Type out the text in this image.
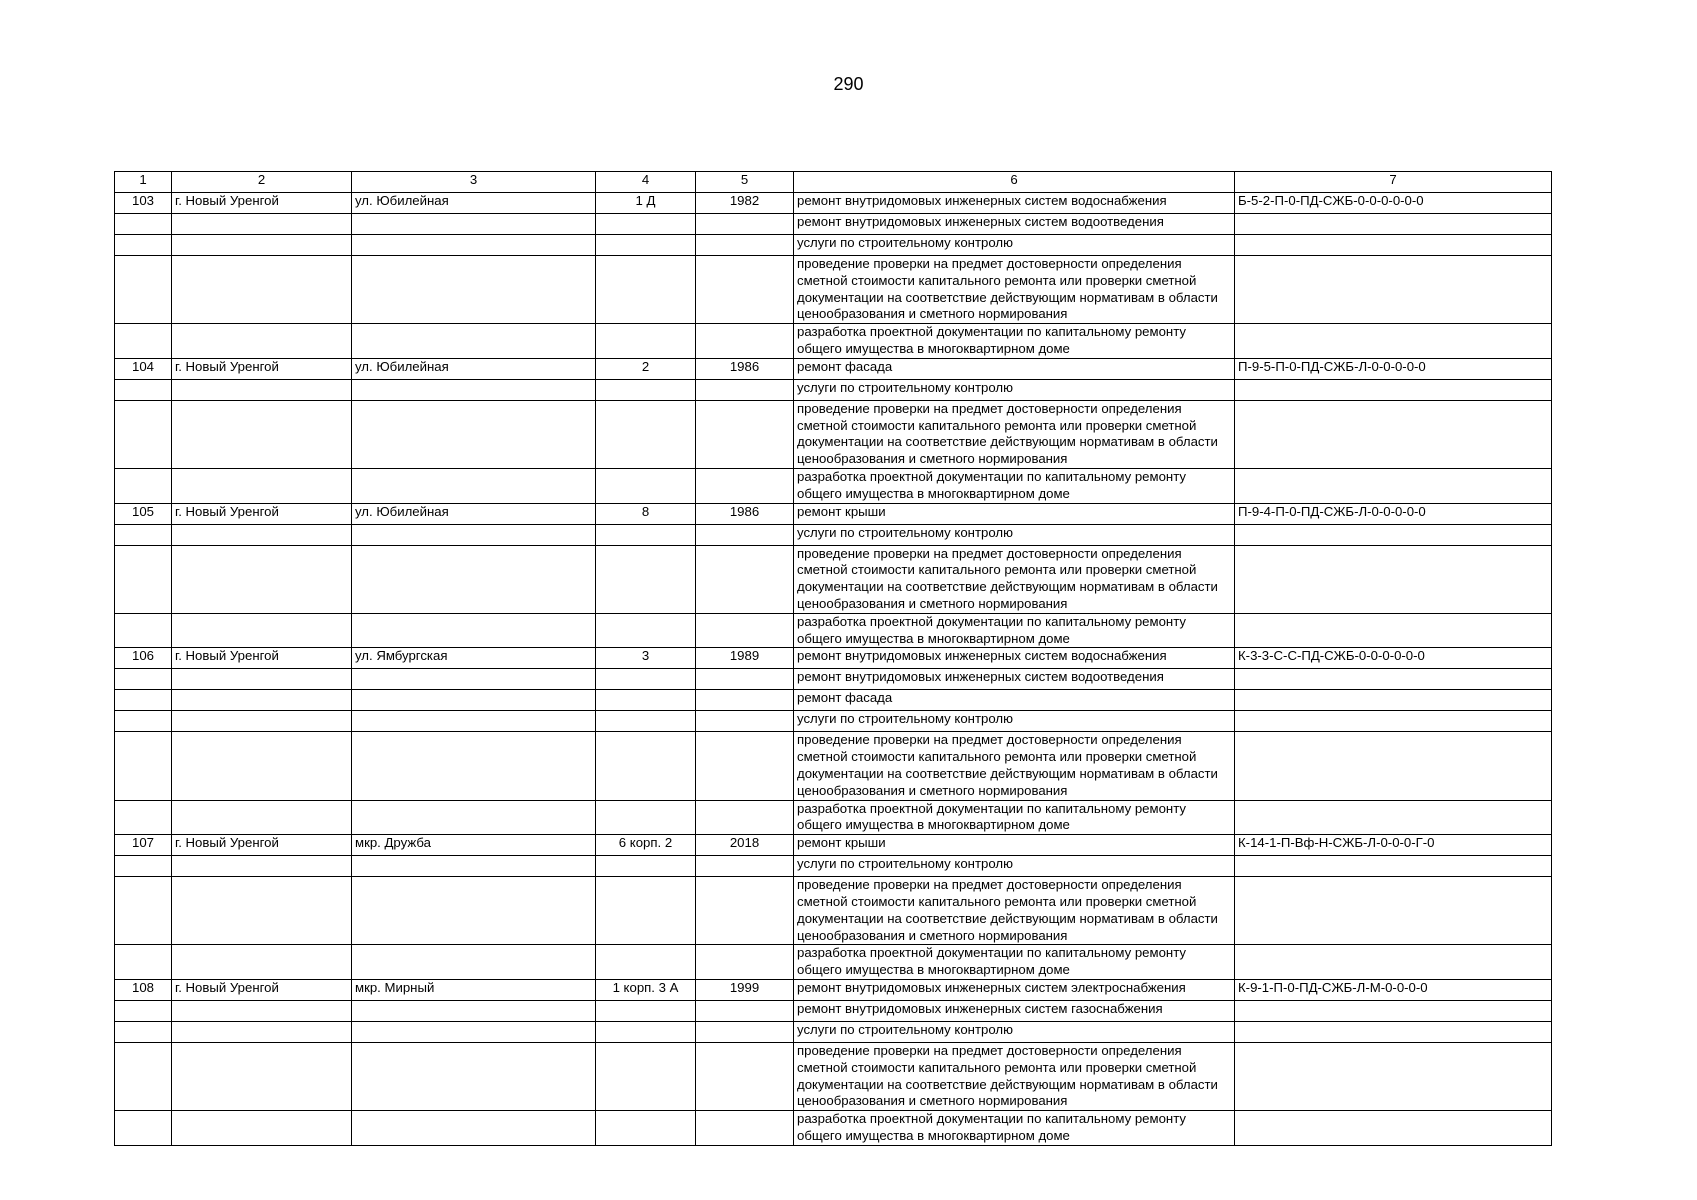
290
1	2	3	4	5	6	7
103	г. Новый Уренгой	ул. Юбилейная	1 Д	1982	ремонт внутридомовых инженерных систем водоснабжения	Б-5-2-П-0-ПД-СЖБ-0-0-0-0-0-0
					ремонт внутридомовых инженерных систем водоотведения	
					услуги по строительному контролю	
					проведение проверки на предмет достоверности определения сметной стоимости капитального ремонта или проверки сметной документации на соответствие действующим нормативам в области ценообразования и сметного нормирования	
					разработка проектной документации по капитальному ремонту общего имущества в многоквартирном доме	
104	г. Новый Уренгой	ул. Юбилейная	2	1986	ремонт фасада	П-9-5-П-0-ПД-СЖБ-Л-0-0-0-0-0
					услуги по строительному контролю	
					проведение проверки на предмет достоверности определения сметной стоимости капитального ремонта или проверки сметной документации на соответствие действующим нормативам в области ценообразования и сметного нормирования	
					разработка проектной документации по капитальному ремонту общего имущества в многоквартирном доме	
105	г. Новый Уренгой	ул. Юбилейная	8	1986	ремонт крыши	П-9-4-П-0-ПД-СЖБ-Л-0-0-0-0-0
					услуги по строительному контролю	
					проведение проверки на предмет достоверности определения сметной стоимости капитального ремонта или проверки сметной документации на соответствие действующим нормативам в области ценообразования и сметного нормирования	
					разработка проектной документации по капитальному ремонту общего имущества в многоквартирном доме	
106	г. Новый Уренгой	ул. Ямбургская	3	1989	ремонт внутридомовых инженерных систем водоснабжения	К-3-3-С-С-ПД-СЖБ-0-0-0-0-0-0
					ремонт внутридомовых инженерных систем водоотведения	
					ремонт фасада	
					услуги по строительному контролю	
					проведение проверки на предмет достоверности определения сметной стоимости капитального ремонта или проверки сметной документации на соответствие действующим нормативам в области ценообразования и сметного нормирования	
					разработка проектной документации по капитальному ремонту общего имущества в многоквартирном доме	
107	г. Новый Уренгой	мкр. Дружба	6 корп. 2	2018	ремонт крыши	К-14-1-П-Вф-Н-СЖБ-Л-0-0-0-Г-0
					услуги по строительному контролю	
					проведение проверки на предмет достоверности определения сметной стоимости капитального ремонта или проверки сметной документации на соответствие действующим нормативам в области ценообразования и сметного нормирования	
					разработка проектной документации по капитальному ремонту общего имущества в многоквартирном доме	
108	г. Новый Уренгой	мкр. Мирный	1 корп. 3 А	1999	ремонт внутридомовых инженерных систем электроснабжения	К-9-1-П-0-ПД-СЖБ-Л-М-0-0-0-0
					ремонт внутридомовых инженерных систем газоснабжения	
					услуги по строительному контролю	
					проведение проверки на предмет достоверности определения сметной стоимости капитального ремонта или проверки сметной документации на соответствие действующим нормативам в области ценообразования и сметного нормирования	
					разработка проектной документации по капитальному ремонту общего имущества в многоквартирном доме	
